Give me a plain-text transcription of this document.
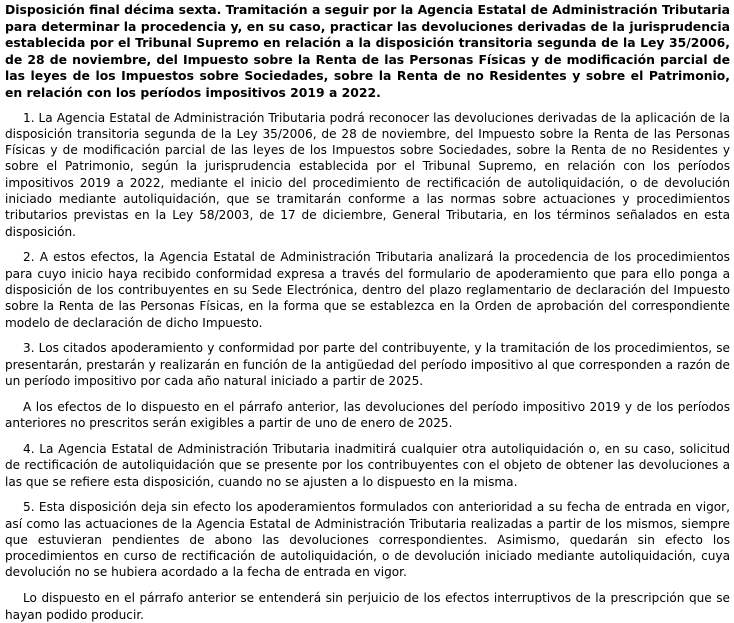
Disposición final décima sexta. Tramitación a seguir por la Agencia Estatal de Administración Tributaria para determinar la procedencia y, en su caso, practicar las devoluciones derivadas de la jurisprudencia establecida por el Tribunal Supremo en relación a la disposición transitoria segunda de la Ley 35/2006, de 28 de noviembre, del Impuesto sobre la Renta de las Personas Físicas y de modificación parcial de las leyes de los Impuestos sobre Sociedades, sobre la Renta de no Residentes y sobre el Patrimonio, en relación con los períodos impositivos 2019 a 2022.

1. La Agencia Estatal de Administración Tributaria podrá reconocer las devoluciones derivadas de la aplicación de la disposición transitoria segunda de la Ley 35/2006, de 28 de noviembre, del Impuesto sobre la Renta de las Personas Físicas y de modificación parcial de las leyes de los Impuestos sobre Sociedades, sobre la Renta de no Residentes y sobre el Patrimonio, según la jurisprudencia establecida por el Tribunal Supremo, en relación con los períodos impositivos 2019 a 2022, mediante el inicio del procedimiento de rectificación de autoliquidación, o de devolución iniciado mediante autoliquidación, que se tramitarán conforme a las normas sobre actuaciones y procedimientos tributarios previstas en la Ley 58/2003, de 17 de diciembre, General Tributaria, en los términos señalados en esta disposición.

2. A estos efectos, la Agencia Estatal de Administración Tributaria analizará la procedencia de los procedimientos para cuyo inicio haya recibido conformidad expresa a través del formulario de apoderamiento que para ello ponga a disposición de los contribuyentes en su Sede Electrónica, dentro del plazo reglamentario de declaración del Impuesto sobre la Renta de las Personas Físicas, en la forma que se establezca en la Orden de aprobación del correspondiente modelo de declaración de dicho Impuesto.

3. Los citados apoderamiento y conformidad por parte del contribuyente, y la tramitación de los procedimientos, se presentarán, prestarán y realizarán en función de la antigüedad del período impositivo al que corresponden a razón de un período impositivo por cada año natural iniciado a partir de 2025.

A los efectos de lo dispuesto en el párrafo anterior, las devoluciones del período impositivo 2019 y de los períodos anteriores no prescritos serán exigibles a partir de uno de enero de 2025.

4. La Agencia Estatal de Administración Tributaria inadmitirá cualquier otra autoliquidación o, en su caso, solicitud de rectificación de autoliquidación que se presente por los contribuyentes con el objeto de obtener las devoluciones a las que se refiere esta disposición, cuando no se ajusten a lo dispuesto en la misma.

5. Esta disposición deja sin efecto los apoderamientos formulados con anterioridad a su fecha de entrada en vigor, así como las actuaciones de la Agencia Estatal de Administración Tributaria realizadas a partir de los mismos, siempre que estuvieran pendientes de abono las devoluciones correspondientes. Asimismo, quedarán sin efecto los procedimientos en curso de rectificación de autoliquidación, o de devolución iniciado mediante autoliquidación, cuya devolución no se hubiera acordado a la fecha de entrada en vigor.

Lo dispuesto en el párrafo anterior se entenderá sin perjuicio de los efectos interruptivos de la prescripción que se hayan podido producir.
